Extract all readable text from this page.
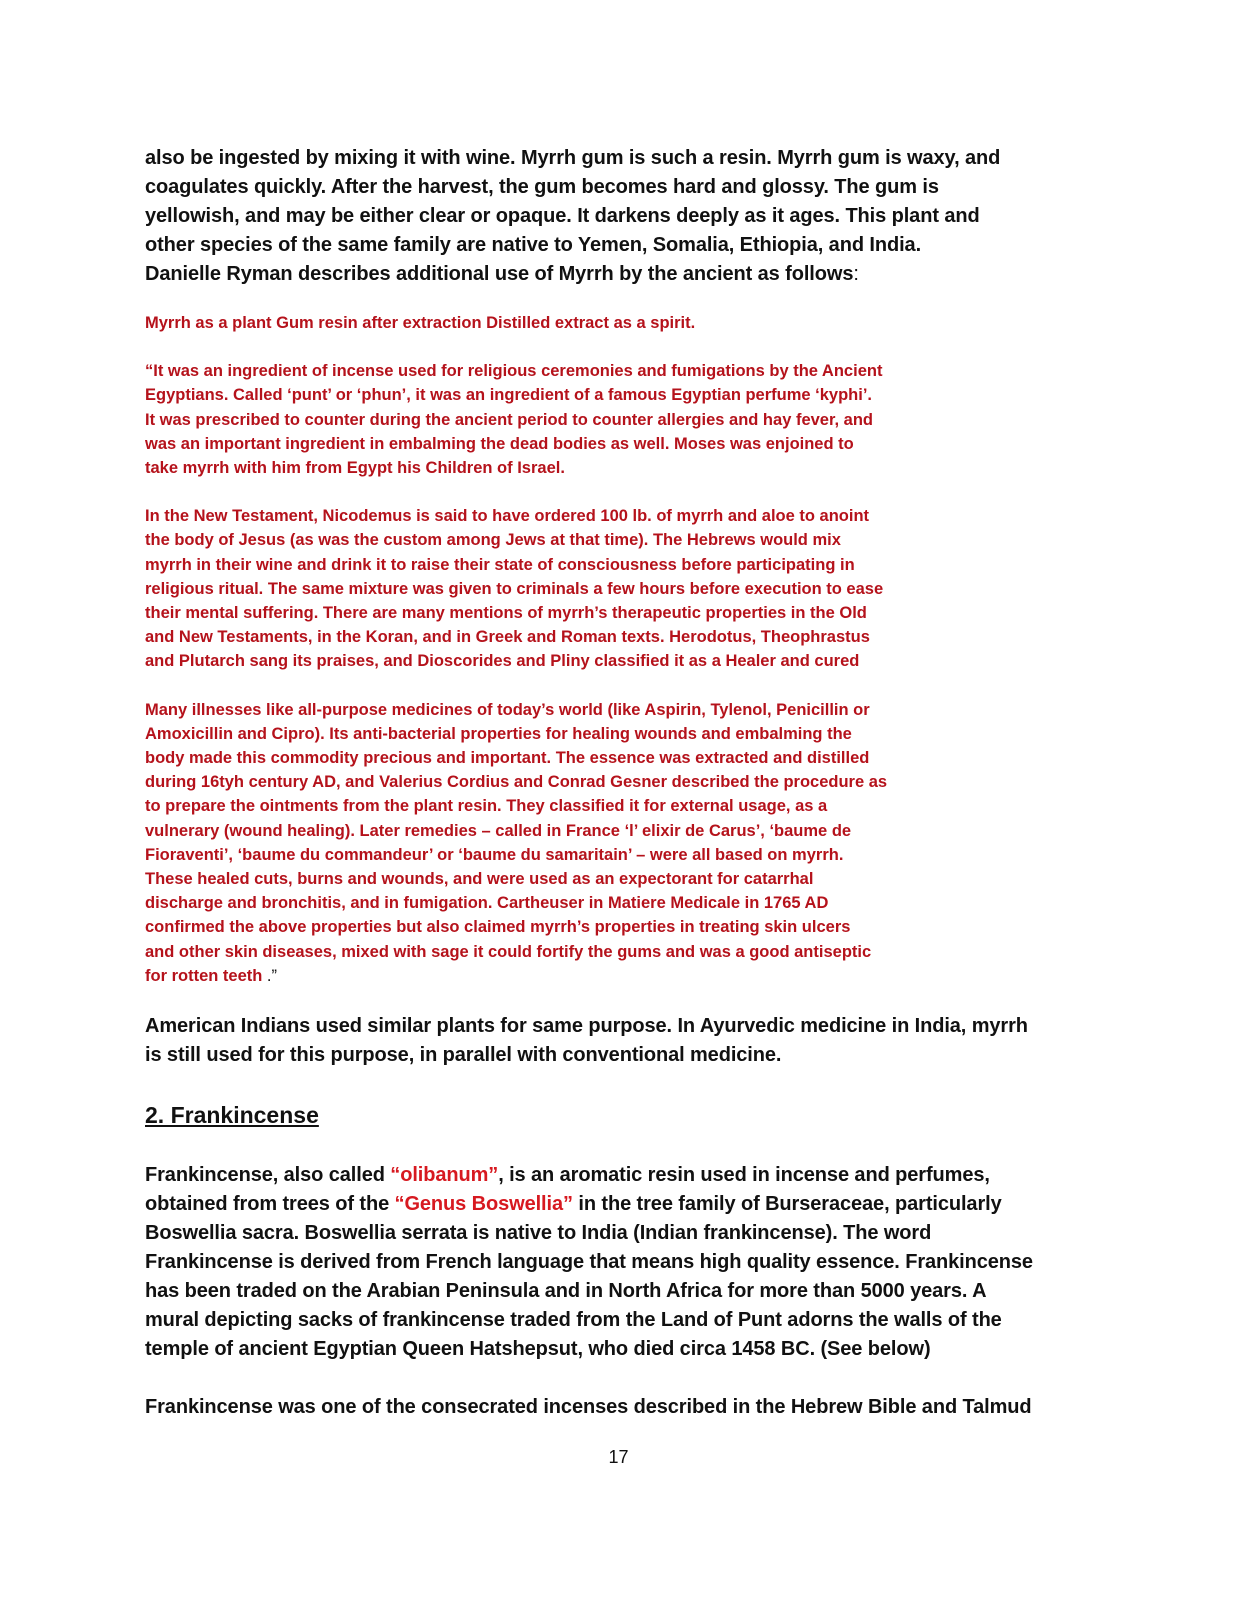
also be ingested by mixing it with wine. Myrrh gum is such a resin. Myrrh gum is waxy, and
coagulates quickly. After the harvest, the gum becomes hard and glossy. The gum is
yellowish, and may be either clear or opaque. It darkens deeply as it ages. This plant and
other species of the same family are native to Yemen, Somalia, Ethiopia, and India.
Danielle Ryman describes additional use of Myrrh by the ancient as follows:

Myrrh as a plant Gum resin after extraction Distilled extract as a spirit.

“It was an ingredient of incense used for religious ceremonies and fumigations by the Ancient
Egyptians. Called ‘punt’ or ‘phun’, it was an ingredient of a famous Egyptian perfume ‘kyphi’.
It was prescribed to counter during the ancient period to counter allergies and hay fever, and
was an important ingredient in embalming the dead bodies as well. Moses was enjoined to
take myrrh with him from Egypt his Children of Israel.

In the New Testament, Nicodemus is said to have ordered 100 lb. of myrrh and aloe to anoint
the body of Jesus (as was the custom among Jews at that time). The Hebrews would mix
myrrh in their wine and drink it to raise their state of consciousness before participating in
religious ritual. The same mixture was given to criminals a few hours before execution to ease
their mental suffering. There are many mentions of myrrh’s therapeutic properties in the Old
and New Testaments, in the Koran, and in Greek and Roman texts. Herodotus, Theophrastus
and Plutarch sang its praises, and Dioscorides and Pliny classified it as a Healer and cured

Many illnesses like all-purpose medicines of today’s world (like Aspirin, Tylenol, Penicillin or
Amoxicillin and Cipro). Its anti-bacterial properties for healing wounds and embalming the
body made this commodity precious and important. The essence was extracted and distilled
during 16tyh century AD, and Valerius Cordius and Conrad Gesner described the procedure as
to prepare the ointments from the plant resin. They classified it for external usage, as a
vulnerary (wound healing). Later remedies – called in France ‘l’ elixir de Carus’, ‘baume de
Fioraventi’, ‘baume du commandeur’ or ‘baume du samaritain’ – were all based on myrrh.
These healed cuts, burns and wounds, and were used as an expectorant for catarrhal
discharge and bronchitis, and in fumigation. Cartheuser in Matiere Medicale in 1765 AD
confirmed the above properties but also claimed myrrh’s properties in treating skin ulcers
and other skin diseases, mixed with sage it could fortify the gums and was a good antiseptic
for rotten teeth .”

American Indians used similar plants for same purpose. In Ayurvedic medicine in India, myrrh
is still used for this purpose, in parallel with conventional medicine.

2. Frankincense

Frankincense, also called “olibanum”, is an aromatic resin used in incense and perfumes,
obtained from trees of the “Genus Boswellia” in the tree family of Burseraceae, particularly
Boswellia sacra. Boswellia serrata is native to India (Indian frankincense). The word
Frankincense is derived from French language that means high quality essence. Frankincense
has been traded on the Arabian Peninsula and in North Africa for more than 5000 years. A
mural depicting sacks of frankincense traded from the Land of Punt adorns the walls of the
temple of ancient Egyptian Queen Hatshepsut, who died circa 1458 BC. (See below)

Frankincense was one of the consecrated incenses described in the Hebrew Bible and Talmud

17
